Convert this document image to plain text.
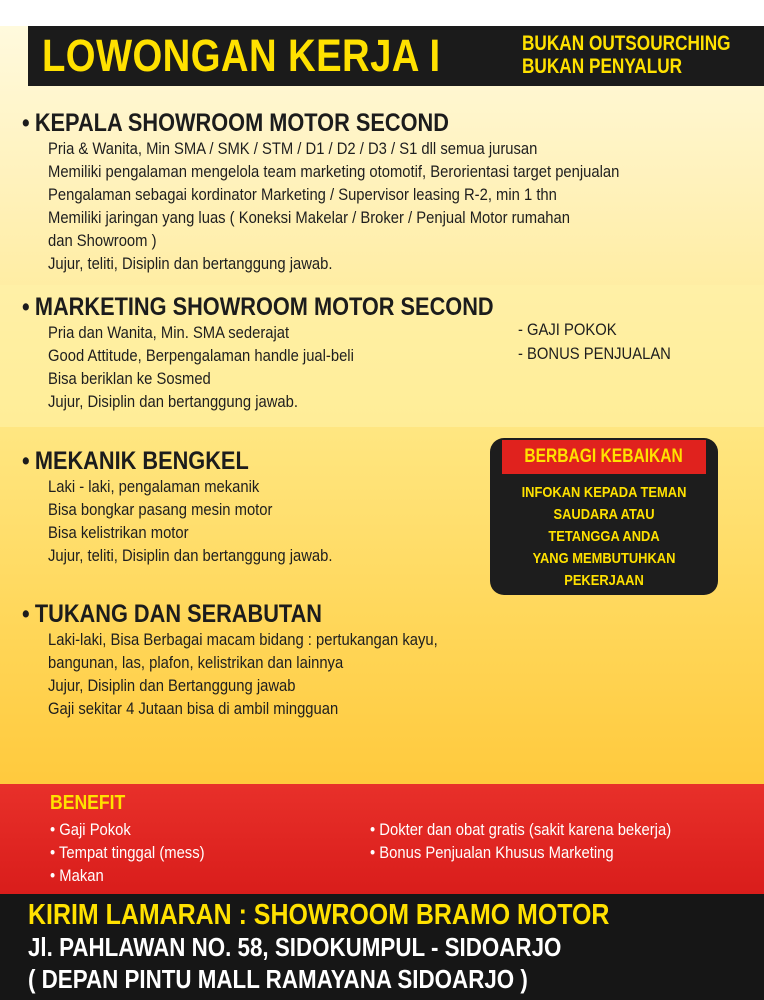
LOWONGAN KERJA I	BUKAN OUTSOURCHING
BUKAN PENYALUR
• KEPALA SHOWROOM MOTOR SECOND
Pria & Wanita, Min SMA / SMK / STM / D1 / D2 / D3 / S1 dll semua jurusan
Memiliki pengalaman mengelola team marketing otomotif, Berorientasi target penjualan
Pengalaman sebagai kordinator Marketing / Supervisor leasing R-2, min 1 thn
Memiliki jaringan yang luas ( Koneksi Makelar / Broker / Penjual Motor rumahan
dan Showroom )
Jujur, teliti, Disiplin dan bertanggung jawab.
• MARKETING SHOWROOM MOTOR SECOND
Pria dan Wanita, Min. SMA sederajat
Good Attitude, Berpengalaman handle jual-beli
Bisa beriklan ke Sosmed
Jujur, Disiplin dan bertanggung jawab.
- GAJI POKOK
- BONUS PENJUALAN
• MEKANIK BENGKEL
Laki - laki, pengalaman mekanik
Bisa bongkar pasang mesin motor
Bisa kelistrikan motor
Jujur, teliti, Disiplin dan bertanggung jawab.
BERBAGI KEBAIKAN
INFOKAN KEPADA TEMAN
SAUDARA ATAU
TETANGGA ANDA
YANG MEMBUTUHKAN
PEKERJAAN
• TUKANG DAN SERABUTAN
Laki-laki, Bisa Berbagai macam bidang : pertukangan kayu,
bangunan, las, plafon, kelistrikan dan lainnya
Jujur, Disiplin dan Bertanggung jawab
Gaji sekitar 4 Jutaan bisa di ambil mingguan
BENEFIT
• Gaji Pokok
• Tempat tinggal (mess)
• Makan
• Dokter dan obat gratis (sakit karena bekerja)
• Bonus Penjualan Khusus Marketing
KIRIM LAMARAN : SHOWROOM BRAMO MOTOR
Jl. PAHLAWAN NO. 58, SIDOKUMPUL - SIDOARJO
( DEPAN PINTU MALL RAMAYANA SIDOARJO )
